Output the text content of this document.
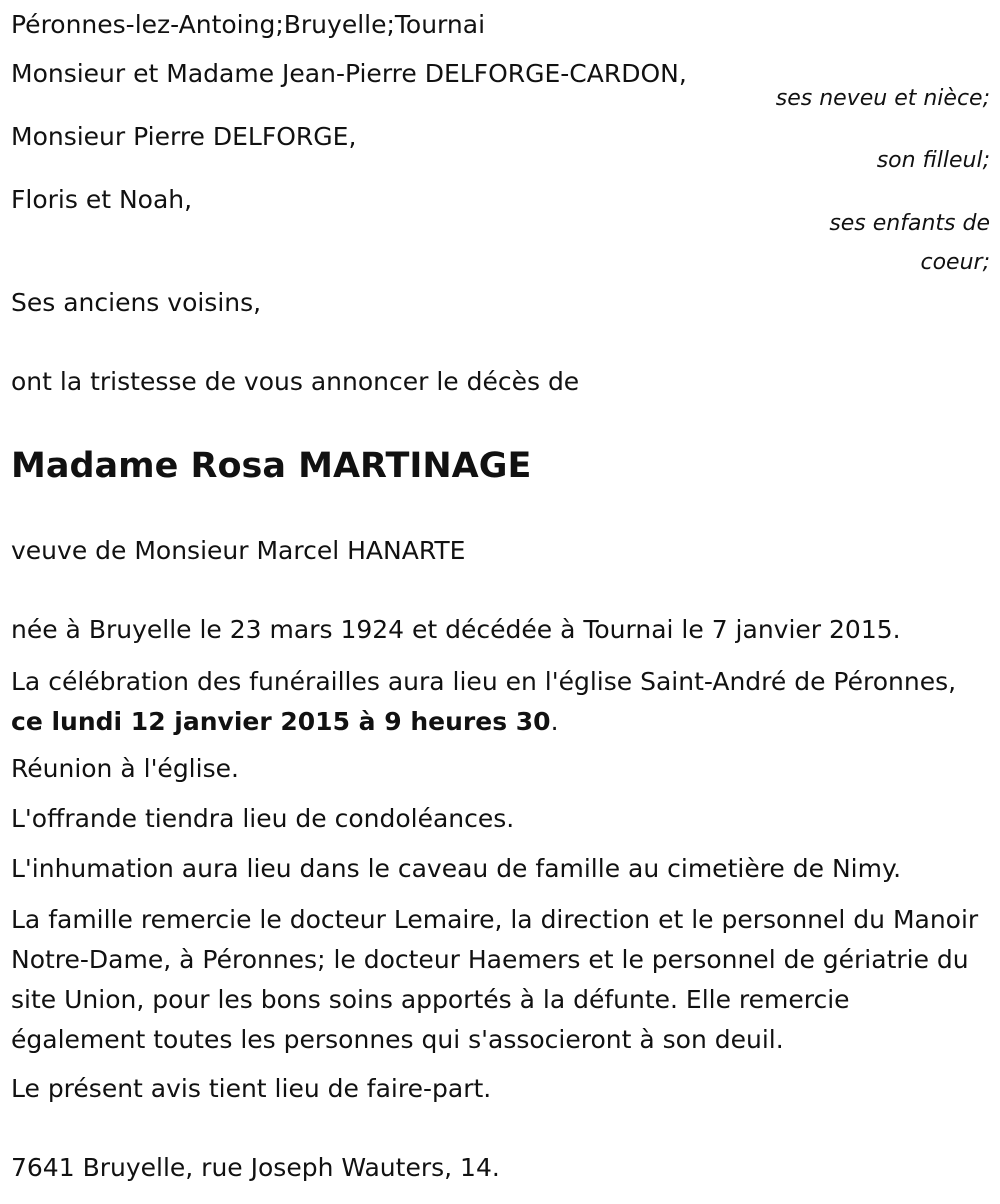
Péronnes-lez-Antoing;Bruyelle;Tournai
Monsieur et Madame Jean-Pierre DELFORGE-CARDON,
ses neveu et nièce;
Monsieur Pierre DELFORGE,
son filleul;
Floris et Noah,
ses enfants de
coeur;
Ses anciens voisins,
ont la tristesse de vous annoncer le décès de
Madame Rosa MARTINAGE
veuve de Monsieur Marcel HANARTE
née à Bruyelle le 23 mars 1924 et décédée à Tournai le 7 janvier 2015.

La célébration des funérailles aura lieu en l'église Saint-André de Péronnes, ce lundi 12 janvier 2015 à 9 heures 30.

Réunion à l'église.
L'offrande tiendra lieu de condoléances.
L'inhumation aura lieu dans le caveau de famille au cimetière de Nimy.

La famille remercie le docteur Lemaire, la direction et le personnel du Manoir Notre-Dame, à Péronnes; le docteur Haemers et le personnel de gériatrie du site Union, pour les bons soins apportés à la défunte. Elle remercie également toutes les personnes qui s'associeront à son deuil.

Le présent avis tient lieu de faire-part.
7641 Bruyelle, rue Joseph Wauters, 14.
